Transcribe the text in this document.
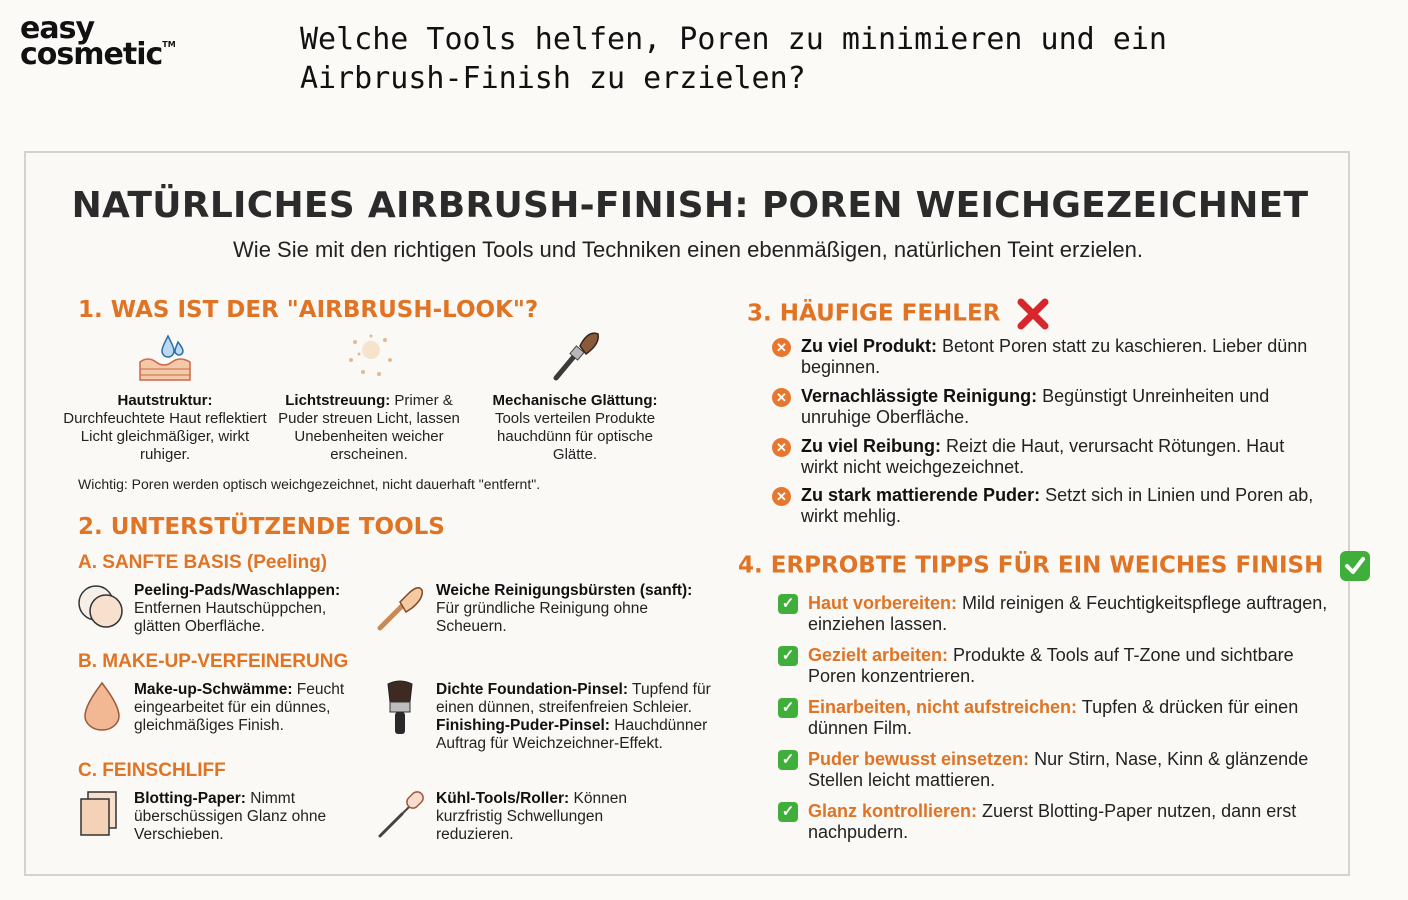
easy
cosmetic™	Welche Tools helfen, Poren zu minimieren und ein Airbrush-Finish zu erzielen?
NATÜRLICHES AIRBRUSH-FINISH: POREN WEICHGEZEICHNET
Wie Sie mit den richtigen Tools und Techniken einen ebenmäßigen, natürlichen Teint erzielen.
1. WAS IST DER "AIRBRUSH-LOOK"?
Hautstruktur:
Durchfeuchtete Haut reflektiert Licht gleichmäßiger, wirkt ruhiger.
Lichtstreuung: Primer & Puder streuen Licht, lassen Unebenheiten weicher erscheinen.
Mechanische Glättung:
Tools verteilen Produkte hauchdünn für optische Glätte.
Wichtig: Poren werden optisch weichgezeichnet, nicht dauerhaft "entfernt".
2. UNTERSTÜTZENDE TOOLS
A. SANFTE BASIS (Peeling)
Peeling-Pads/Waschlappen:
Entfernen Hautschüppchen, glätten Oberfläche.
Weiche Reinigungsbürsten (sanft):
Für gründliche Reinigung ohne Scheuern.
B. MAKE-UP-VERFEINERUNG
Make-up-Schwämme: Feucht eingearbeitet für ein dünnes, gleichmäßiges Finish.
Dichte Foundation-Pinsel: Tupfend für einen dünnen, streifenfreien Schleier.
Finishing-Puder-Pinsel: Hauchdünner Auftrag für Weichzeichner-Effekt.
C. FEINSCHLIFF
Blotting-Paper: Nimmt überschüssigen Glanz ohne Verschieben.
Kühl-Tools/Roller: Können kurzfristig Schwellungen reduzieren.
3. HÄUFIGE FEHLER
✕ Zu viel Produkt: Betont Poren statt zu kaschieren. Lieber dünn beginnen.
✕ Vernachlässigte Reinigung: Begünstigt Unreinheiten und unruhige Oberfläche.
✕ Zu viel Reibung: Reizt die Haut, verursacht Rötungen. Haut wirkt nicht weichgezeichnet.
✕ Zu stark mattierende Puder: Setzt sich in Linien und Poren ab, wirkt mehlig.
4. ERPROBTE TIPPS FÜR EIN WEICHES FINISH
✓ Haut vorbereiten: Mild reinigen & Feuchtigkeitspflege auftragen, einziehen lassen.
✓ Gezielt arbeiten: Produkte & Tools auf T-Zone und sichtbare Poren konzentrieren.
✓ Einarbeiten, nicht aufstreichen: Tupfen & drücken für einen dünnen Film.
✓ Puder bewusst einsetzen: Nur Stirn, Nase, Kinn & glänzende Stellen leicht mattieren.
✓ Glanz kontrollieren: Zuerst Blotting-Paper nutzen, dann erst nachpudern.
